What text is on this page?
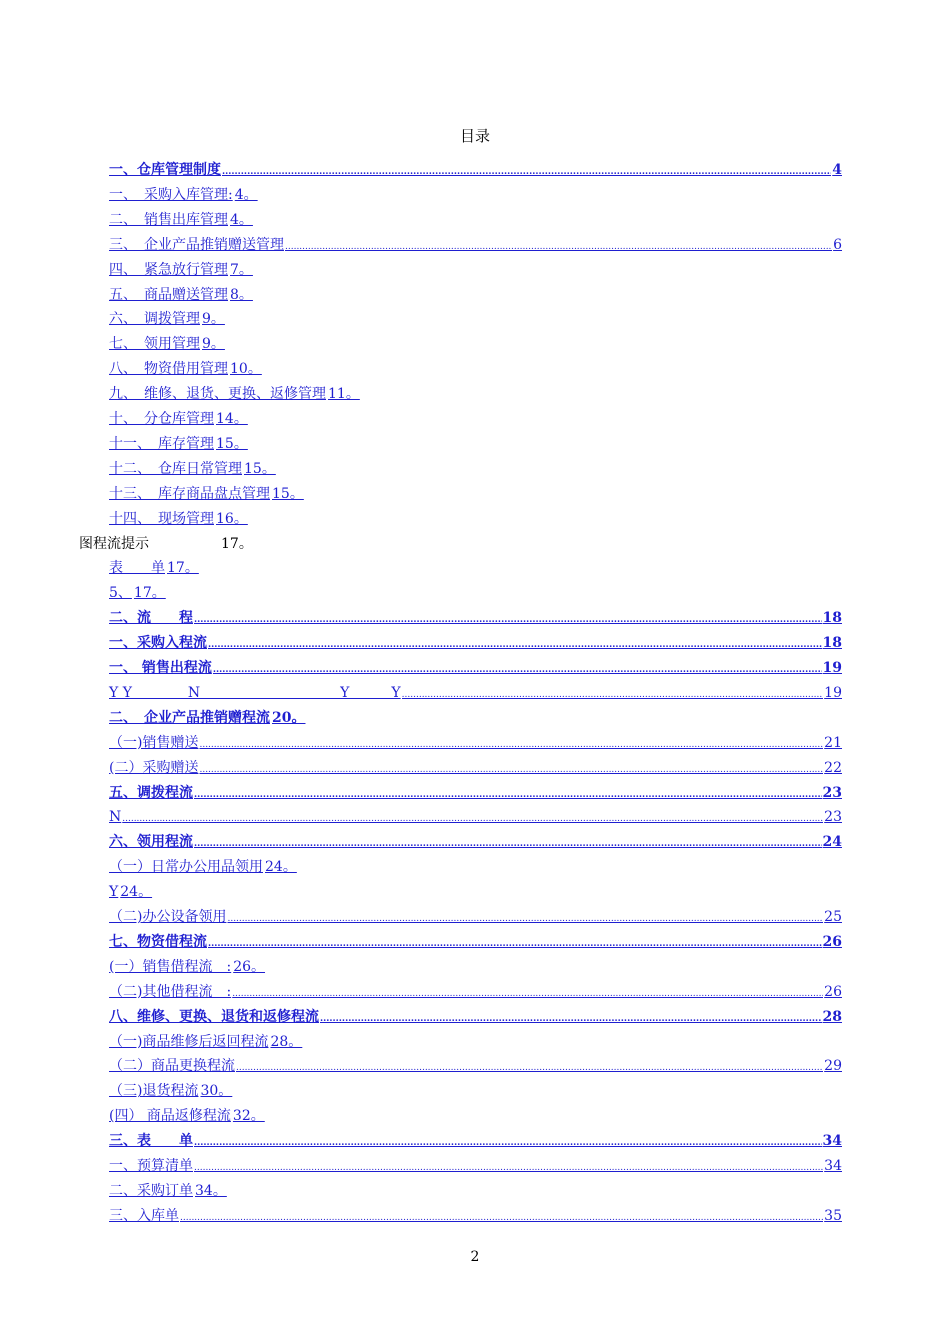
目录
一、仓库管理制度 .....	4
一、　采购入库管理: 4。
二、　销售出库管理 4。
三、　企业产品推销赠送管理 .....	6
四、　紧急放行管理 7。
五、　商品赠送管理 8。
六、　调拨管理 9。
七、　领用管理 9。
八、　物资借用管理 10。
九、　维修、退货、更换、返修管理 11。
十、　分仓库管理 14。
十一、　库存管理 15。
十二、　仓库日常管理 15。
十三、　库存商品盘点管理 15。
十四、　现场管理 16。
图程流提示	17。
表　　单 17。
5、 17。
二、流　　程 .....	18
一、采购入程流 .....	18
一、 销售出程流 .....	19
Y Y　　　　N　　　　　　　　　　Y　　　Y .....	19
二、　企业产品推销赠程流 20。
（一)销售赠送 .....	21
(二）采购赠送 .....	22
五、调拨程流 .....	23
N .....	23
六、领用程流 .....	24
（一）日常办公用品领用 24。
Y 24。
（二)办公设备领用 .....	25
七、物资借程流 .....	26
(一）销售借程流　: 26。
（二)其他借程流　: .....	26
八、维修、更换、退货和返修程流 .....	28
（一)商品维修后返回程流 28。
（二）商品更换程流 .....	29
（三)退货程流 30。
(四） 商品返修程流 32。
三、表　　单 .....	34
一、预算清单 .....	34
二、采购订单 34。
三、入库单 .....	35
2
